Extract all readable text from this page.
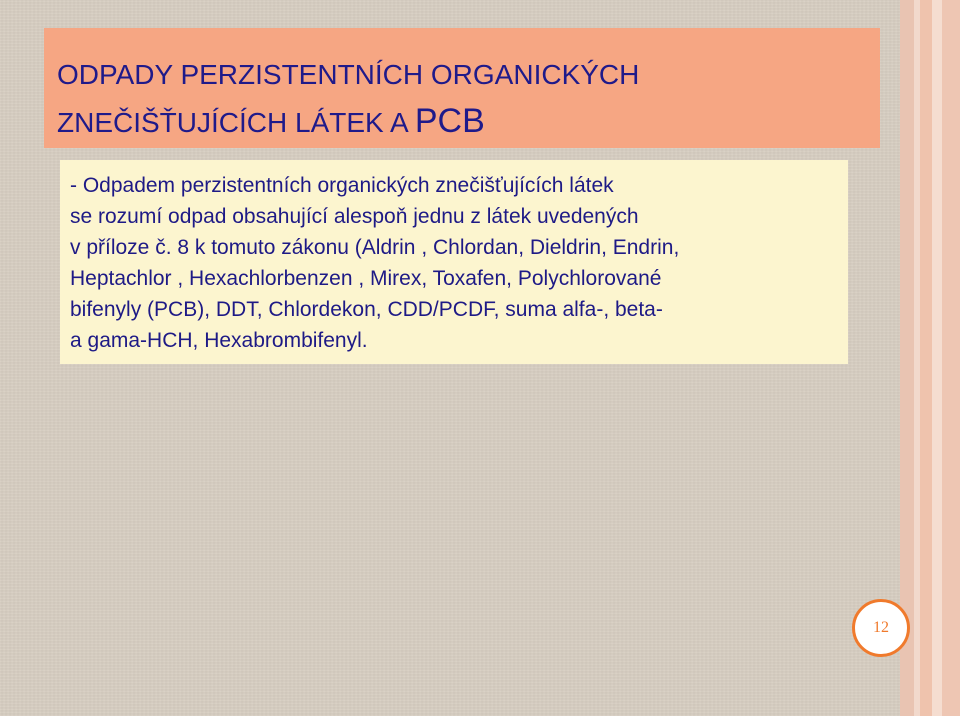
ODPADY PERZISTENTNÍCH ORGANICKÝCH

ZNEČIŠŤUJÍCÍCH LÁTEK A PCB

- Odpadem perzistentních organických znečišťujících látek
se rozumí odpad obsahující alespoň jednu z látek uvedených
v příloze č. 8 k tomuto zákonu (Aldrin , Chlordan, Dieldrin, Endrin,
Heptachlor , Hexachlorbenzen , Mirex, Toxafen, Polychlorované
bifenyly (PCB), DDT, Chlordekon, CDD/PCDF, suma alfa-, beta-
a gama-HCH, Hexabrombifenyl.
12
